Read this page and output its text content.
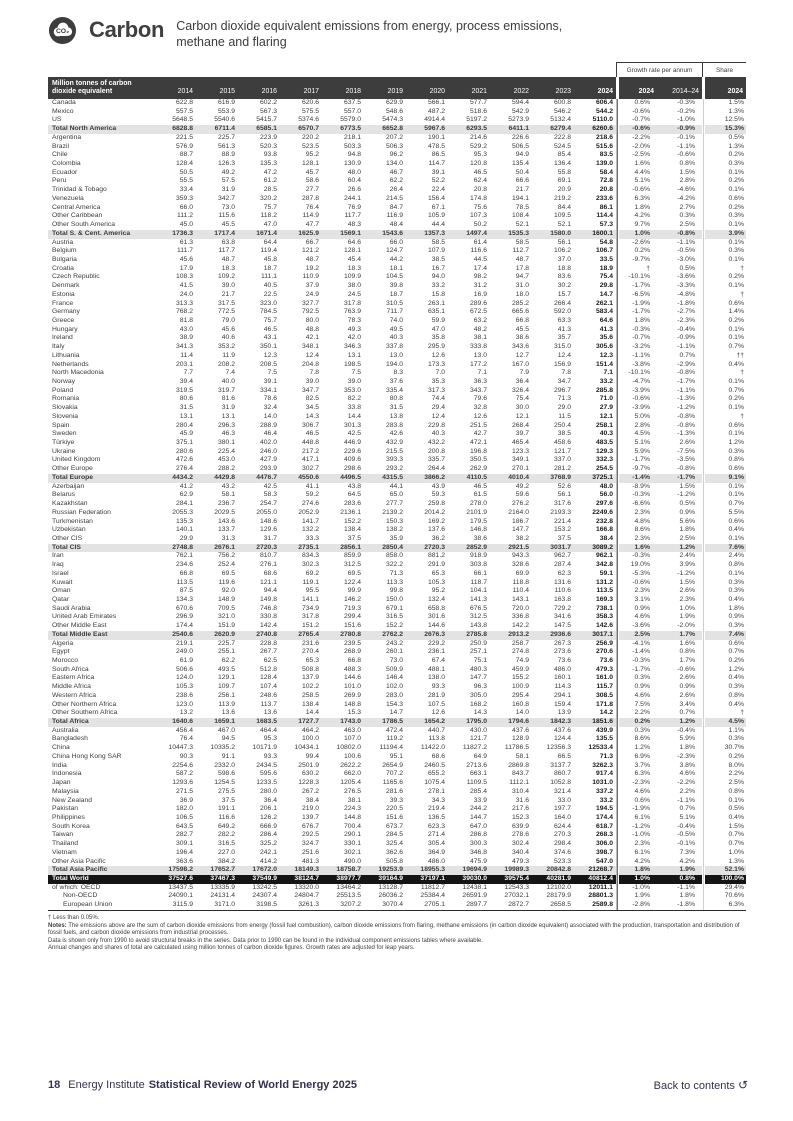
CO₂ Carbon Carbon dioxide equivalent emissions from energy, process emissions,
methane and flaring
Growth rate per annum	Share
Million tonnes of carbon
dioxide equivalent	2014	2015	2016	2017	2018	2019	2020	2021	2022	2023	2024	2024	2014–24	2024
Canada	622.8	616.9	602.2	620.6	637.5	629.9	566.1	577.7	594.4	600.8	606.4	0.6%	-0.3%	1.5%
Mexico	557.5	553.9	567.3	575.5	557.0	548.6	487.2	518.6	542.9	546.2	544.2	-0.6%	-0.2%	1.3%
US	5648.5	5540.6	5415.7	5374.6	5579.0	5474.3	4914.4	5197.2	5273.9	5132.4	5110.0	-0.7%	-1.0%	12.5%
Total North America	6828.8	6711.4	6585.1	6570.7	6773.5	6652.8	5967.6	6293.5	6411.1	6279.4	6260.6	-0.6%	-0.9%	15.3%
Argentina	221.5	225.7	223.9	220.2	218.1	207.2	190.1	214.6	226.6	222.8	218.6	-2.2%	-0.1%	0.5%
Brazil	576.9	561.3	520.3	523.5	503.3	506.3	478.5	529.2	506.5	524.5	515.6	-2.0%	-1.1%	1.3%
Chile	88.7	88.9	93.8	95.2	94.8	96.2	86.5	95.3	94.9	85.4	83.5	-2.5%	-0.6%	0.2%
Colombia	128.4	126.3	135.3	128.1	130.9	134.0	114.7	120.8	135.4	136.4	139.0	1.6%	0.8%	0.3%
Ecuador	50.5	49.2	47.2	45.7	48.0	46.7	39.1	46.5	50.4	55.8	58.4	4.4%	1.5%	0.1%
Peru	55.5	57.5	61.2	58.6	60.4	62.2	52.2	62.4	66.6	69.1	72.8	5.1%	2.8%	0.2%
Trinidad & Tobago	33.4	31.9	28.5	27.7	26.6	26.4	22.4	20.8	21.7	20.9	20.8	-0.6%	-4.6%	0.1%
Venezuela	359.3	342.7	320.2	287.8	244.1	214.5	156.4	174.8	194.1	219.2	233.6	6.3%	-4.2%	0.6%
Central America	66.0	73.0	75.7	76.4	76.9	84.7	67.1	75.6	78.5	84.4	86.1	1.8%	2.7%	0.2%
Other Caribbean	111.2	115.6	118.2	114.9	117.7	116.9	105.9	107.3	108.4	109.5	114.4	4.2%	0.3%	0.3%
Other South America	45.0	45.5	47.0	47.7	48.3	48.4	44.4	50.2	52.1	52.1	57.3	9.7%	2.5%	0.1%
Total S. & Cent. America	1736.3	1717.4	1671.4	1625.9	1569.1	1543.6	1357.3	1497.4	1535.3	1580.0	1600.1	1.0%	-0.8%	3.9%
Austria	61.3	63.8	64.4	66.7	64.6	66.0	58.5	61.4	58.5	56.1	54.8	-2.6%	-1.1%	0.1%
Belgium	111.7	117.7	119.4	121.2	128.1	124.7	107.9	116.6	112.7	106.2	106.7	0.2%	-0.5%	0.3%
Bulgaria	45.6	48.7	45.8	48.7	45.4	44.2	38.5	44.5	48.7	37.0	33.5	-9.7%	-3.0%	0.1%
Croatia	17.9	18.3	18.7	19.2	18.3	18.1	16.7	17.4	17.8	18.8	18.9	†	0.5%	†
Czech Republic	108.3	109.2	111.1	110.9	109.9	104.5	94.0	98.2	94.7	83.6	75.4	-10.1%	-3.6%	0.2%
Denmark	41.5	39.0	40.5	37.9	38.0	39.8	33.2	31.2	31.0	30.2	29.8	-1.7%	-3.3%	0.1%
Estonia	24.0	21.7	22.5	24.9	24.5	18.7	15.8	16.9	18.0	15.7	14.7	-6.5%	-4.8%	†
France	313.3	317.5	323.0	327.7	317.8	310.5	263.1	289.6	285.2	266.4	262.1	-1.9%	-1.8%	0.6%
Germany	768.2	772.5	784.5	792.5	763.9	711.7	635.1	672.5	665.6	592.0	583.4	-1.7%	-2.7%	1.4%
Greece	81.8	79.0	75.7	80.0	78.3	74.0	59.9	63.2	66.8	63.3	64.6	1.8%	-2.3%	0.2%
Hungary	43.0	45.6	46.5	48.8	49.3	49.5	47.0	48.2	45.5	41.3	41.3	-0.3%	-0.4%	0.1%
Ireland	38.9	40.6	43.1	42.1	42.0	40.3	35.8	38.1	38.6	35.7	35.6	-0.7%	-0.9%	0.1%
Italy	341.3	353.2	350.1	348.1	346.3	337.8	295.9	333.8	343.6	315.0	305.6	-3.2%	-1.1%	0.7%
Lithuania	11.4	11.9	12.3	12.4	13.1	13.0	12.6	13.0	12.7	12.4	12.3	-1.1%	0.7%	††
Netherlands	203.1	208.2	208.5	204.8	198.5	194.0	173.3	177.2	167.0	156.9	151.4	-3.8%	-2.9%	0.4%
North Macedonia	7.7	7.4	7.5	7.8	7.5	8.3	7.0	7.1	7.9	7.8	7.1	-10.1%	-0.8%	†
Norway	39.4	40.0	39.1	39.0	39.0	37.6	35.3	36.3	36.4	34.7	33.2	-4.7%	-1.7%	0.1%
Poland	319.5	319.7	334.1	347.7	353.0	335.4	317.3	343.7	326.4	296.7	285.8	-3.9%	-1.1%	0.7%
Romania	80.6	81.6	78.6	82.5	82.2	80.8	74.4	79.6	75.4	71.3	71.0	-0.6%	-1.3%	0.2%
Slovakia	31.5	31.9	32.4	34.5	33.8	31.5	29.4	32.8	30.0	29.0	27.9	-3.9%	-1.2%	0.1%
Slovenia	13.1	13.1	14.0	14.3	14.4	13.8	12.4	12.6	12.1	11.5	12.1	5.0%	-0.8%	†
Spain	280.4	296.3	288.9	306.7	301.3	283.8	229.8	251.5	268.4	250.4	258.1	2.8%	-0.8%	0.6%
Sweden	45.9	46.3	46.4	46.5	42.5	42.6	40.3	42.7	39.7	38.5	40.3	4.5%	-1.3%	0.1%
Türkiye	375.1	380.1	402.0	448.8	446.9	432.9	432.2	472.1	465.4	458.6	483.5	5.1%	2.6%	1.2%
Ukraine	280.6	225.4	246.0	217.2	229.6	215.5	200.8	196.8	123.3	121.7	129.3	5.9%	-7.5%	0.3%
United Kingdom	472.6	453.0	427.9	417.1	409.6	393.3	335.7	350.5	349.1	337.0	332.3	-1.7%	-3.5%	0.8%
Other Europe	276.4	288.2	293.9	302.7	298.6	293.2	264.4	262.9	270.1	281.2	254.5	-9.7%	-0.8%	0.6%
Total Europe	4434.2	4429.8	4476.7	4550.6	4496.5	4315.5	3866.2	4110.5	4010.4	3768.9	3725.1	-1.4%	-1.7%	9.1%
Azerbaijan	41.2	43.2	42.5	41.1	43.8	44.1	43.9	46.5	49.2	52.6	48.0	-8.9%	1.5%	0.1%
Belarus	62.9	58.1	58.3	59.2	64.5	65.0	59.3	61.5	59.6	56.1	56.0	-0.3%	-1.2%	0.1%
Kazakhstan	284.1	236.7	254.7	274.6	283.6	277.7	259.8	278.0	276.2	317.6	297.6	-6.6%	0.5%	0.7%
Russian Federation	2055.3	2029.5	2055.0	2052.9	2136.1	2139.2	2014.2	2101.9	2164.0	2193.3	2249.6	2.3%	0.9%	5.5%
Turkmenistan	135.3	143.6	148.6	141.7	152.2	150.3	169.2	179.5	186.7	221.4	232.8	4.8%	5.6%	0.6%
Uzbekistan	140.1	133.7	129.6	132.2	138.4	138.2	137.6	146.8	147.7	153.2	166.8	8.6%	1.8%	0.4%
Other CIS	29.9	31.3	31.7	33.3	37.5	35.9	36.2	38.6	38.2	37.5	38.4	2.3%	2.5%	0.1%
Total CIS	2748.8	2676.1	2720.3	2735.1	2856.1	2850.4	2720.3	2852.9	2921.5	3031.7	3089.2	1.6%	1.2%	7.6%
Iran	762.1	756.2	810.7	834.3	859.9	858.0	881.2	918.9	943.3	962.7	962.1	-0.3%	2.4%	2.4%
Iraq	234.6	252.4	276.1	302.3	312.5	322.2	291.9	303.8	328.6	287.4	342.8	19.0%	3.9%	0.8%
Israel	66.8	69.5	68.6	69.2	69.5	71.3	65.3	66.1	69.9	62.3	59.1	-5.3%	-1.2%	0.1%
Kuwait	113.5	119.6	121.1	119.1	122.4	113.3	105.3	118.7	118.8	131.6	131.2	-0.6%	1.5%	0.3%
Oman	87.5	92.0	94.4	95.5	99.9	99.8	95.2	104.1	110.4	110.6	113.5	2.3%	2.6%	0.3%
Qatar	134.3	148.9	149.8	141.1	146.2	150.0	132.4	141.3	143.1	163.8	169.3	3.1%	2.3%	0.4%
Saudi Arabia	670.6	709.5	746.8	734.9	719.3	679.1	658.8	676.5	720.0	729.2	738.1	0.9%	1.0%	1.8%
United Arab Emirates	296.9	321.0	330.8	317.8	299.4	316.5	301.6	312.5	336.8	341.6	358.3	4.6%	1.9%	0.9%
Other Middle East	174.4	151.9	142.4	151.2	151.6	152.2	144.6	143.8	142.2	147.5	142.6	-3.6%	-2.0%	0.3%
Total Middle East	2540.6	2620.9	2740.8	2765.4	2780.8	2762.2	2676.3	2785.8	2913.2	2936.6	3017.1	2.5%	1.7%	7.4%
Algeria	219.1	225.7	228.8	231.6	239.5	243.2	229.2	250.9	258.7	267.3	256.9	-4.1%	1.6%	0.6%
Egypt	249.0	255.1	267.7	270.4	268.9	260.1	236.1	257.1	274.8	273.6	270.6	-1.4%	0.8%	0.7%
Morocco	61.9	62.2	62.5	65.3	66.8	73.0	67.4	75.1	74.9	73.6	73.6	-0.3%	1.7%	0.2%
South Africa	506.6	493.5	512.8	508.8	488.3	509.9	488.1	480.3	459.9	486.0	479.3	-1.7%	-0.6%	1.2%
Eastern Africa	124.0	129.1	128.4	137.9	144.6	146.4	138.0	147.7	155.2	160.1	161.0	0.3%	2.6%	0.4%
Middle Africa	105.3	109.7	107.4	102.2	101.0	102.0	93.3	96.3	100.9	114.3	115.7	0.9%	0.9%	0.3%
Western Africa	238.6	256.1	248.6	258.5	269.9	283.0	281.9	305.0	295.4	294.1	308.5	4.6%	2.6%	0.8%
Other Northern Africa	123.0	113.9	113.7	138.4	148.8	154.3	107.5	168.2	160.8	159.4	171.8	7.5%	3.4%	0.4%
Other Southern Africa	13.2	13.6	13.6	14.4	15.3	14.7	12.6	14.3	14.0	13.9	14.2	2.2%	0.7%	†
Total Africa	1640.6	1659.1	1683.5	1727.7	1743.0	1786.5	1654.2	1795.0	1794.6	1842.3	1851.6	0.2%	1.2%	4.5%
Australia	456.4	467.0	464.4	464.2	463.0	472.4	440.7	430.0	437.6	437.6	439.9	0.3%	-0.4%	1.1%
Bangladesh	76.4	94.5	95.3	100.0	107.0	119.2	113.8	121.7	128.9	124.4	135.5	8.6%	5.9%	0.3%
China	10447.3	10335.2	10171.9	10434.1	10802.0	11194.4	11422.0	11827.2	11786.5	12356.3	12533.4	1.2%	1.8%	30.7%
China Hong Kong SAR	90.3	91.1	93.3	99.4	100.6	95.1	68.6	64.9	58.1	66.5	71.3	6.9%	-2.3%	0.2%
India	2254.6	2332.0	2434.5	2501.9	2622.2	2654.9	2460.5	2713.6	2869.8	3137.7	3262.3	3.7%	3.8%	8.0%
Indonesia	587.2	598.6	595.6	630.2	662.0	707.2	655.2	663.1	843.7	860.7	917.4	6.3%	4.6%	2.2%
Japan	1293.6	1254.5	1233.5	1228.3	1205.4	1165.6	1075.4	1109.5	1112.1	1052.8	1031.0	-2.3%	-2.2%	2.5%
Malaysia	271.5	275.5	280.0	267.2	276.5	281.6	278.1	285.4	310.4	321.4	337.2	4.6%	2.2%	0.8%
New Zealand	36.9	37.5	36.4	38.4	38.1	39.3	34.3	33.9	31.6	33.0	33.2	0.6%	-1.1%	0.1%
Pakistan	182.0	191.1	206.1	219.0	224.3	220.5	219.4	244.2	217.6	197.7	194.5	-1.9%	0.7%	0.5%
Philippines	106.5	116.6	126.2	139.7	144.8	151.6	136.5	144.7	152.3	164.0	174.4	6.1%	5.1%	0.4%
South Korea	643.5	649.2	666.9	676.7	700.4	673.7	623.3	647.0	639.9	624.4	618.7	-1.2%	-0.4%	1.5%
Taiwan	282.7	282.2	286.4	292.5	290.1	284.5	271.4	286.8	278.6	270.3	268.3	-1.0%	-0.5%	0.7%
Thailand	309.1	316.5	325.2	324.7	330.1	325.4	305.4	300.3	302.4	298.4	306.0	2.3%	-0.1%	0.7%
Vietnam	196.4	227.0	242.1	251.6	302.1	362.6	364.9	346.8	340.4	374.6	398.7	6.1%	7.3%	1.0%
Other Asia Pacific	363.6	384.2	414.2	481.3	490.0	505.8	486.0	475.9	479.3	523.3	547.0	4.2%	4.2%	1.3%
Total Asia Pacific	17598.2	17652.7	17672.0	18149.3	18758.7	19253.9	18955.3	19694.9	19989.3	20842.8	21268.7	1.8%	1.9%	52.1%
Total World	37527.6	37467.3	37549.9	38124.7	38977.7	39164.9	37197.1	39030.0	39575.4	40281.9	40812.4	1.0%	0.8%	100.0%
of which: OECD	13437.5	13335.9	13242.5	13320.0	13464.2	13128.7	11812.7	12438.1	12543.3	12102.0	12011.1	-1.0%	-1.1%	29.4%
Non-OECD	24090.1	24131.4	24307.4	24804.7	25513.5	26036.2	25384.4	26591.9	27032.1	28179.9	28801.3	1.9%	1.8%	70.6%
European Union	3115.9	3171.0	3198.5	3261.3	3207.2	3070.4	2705.1	2897.7	2872.7	2658.5	2589.8	-2.8%	-1.8%	6.3%
† Less than 0.05%.
Notes: The emissions above are the sum of carbon dioxide emissions from energy (fossil fuel combustion), carbon dioxide emissions from flaring, methane emissions (in carbon dioxide equivalent) associated with the production, transportation and distribution of fossil fuels, and carbon dioxide emissions from industrial processes.
Data is shown only from 1990 to avoid structural breaks in the series. Data prior to 1990 can be found in the individual component emissions tables where available.
Annual changes and shares of total are calculated using million tonnes of carbon dioxide figures. Growth rates are adjusted for leap years.
18 Energy Institute Statistical Review of World Energy 2025	Back to contents ↺
